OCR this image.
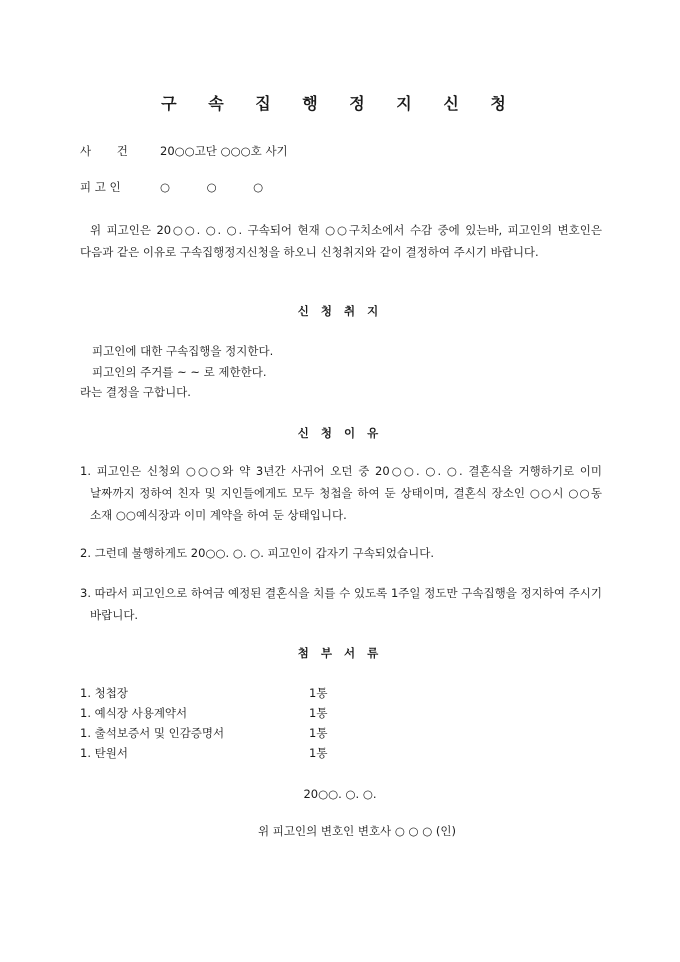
구 속 집 행 정 지 신 청
사       건	20○○고단 ○○○호 사기
피 고 인	○          ○          ○
위 피고인은 20○○. ○. ○. 구속되어 현재 ○○구치소에서 수감 중에 있는바, 피고인의 변호인은 다음과 같은 이유로 구속집행정지신청을 하오니 신청취지와 같이 결정하여 주시기 바랍니다.
신 청 취 지
피고인에 대한 구속집행을 정지한다.
피고인의 주거를 ~ ~ 로 제한한다.
라는 결정을 구합니다.
신 청 이 유
1. 피고인은 신청외 ○○○와 약 3년간 사귀어 오던 중 20○○. ○. ○. 결혼식을 거행하기로 이미 날짜까지 정하여 친자 및 지인들에게도 모두 청첩을 하여 둔 상태이며, 결혼식 장소인 ○○시 ○○동 소재 ○○예식장과 이미 계약을 하여 둔 상태입니다.
2. 그런데 불행하게도 20○○. ○. ○. 피고인이 갑자기 구속되었습니다.
3. 따라서 피고인으로 하여금 예정된 결혼식을 치를 수 있도록 1주일 정도만 구속집행을 정지하여 주시기 바랍니다.
첨 부 서 류
1. 청첩장	1통
1. 예식장 사용계약서	1통
1. 출석보증서 및 인감증명서	1통
1. 탄원서	1통
20○○. ○. ○.
위 피고인의 변호인 변호사 ○ ○ ○ (인)
